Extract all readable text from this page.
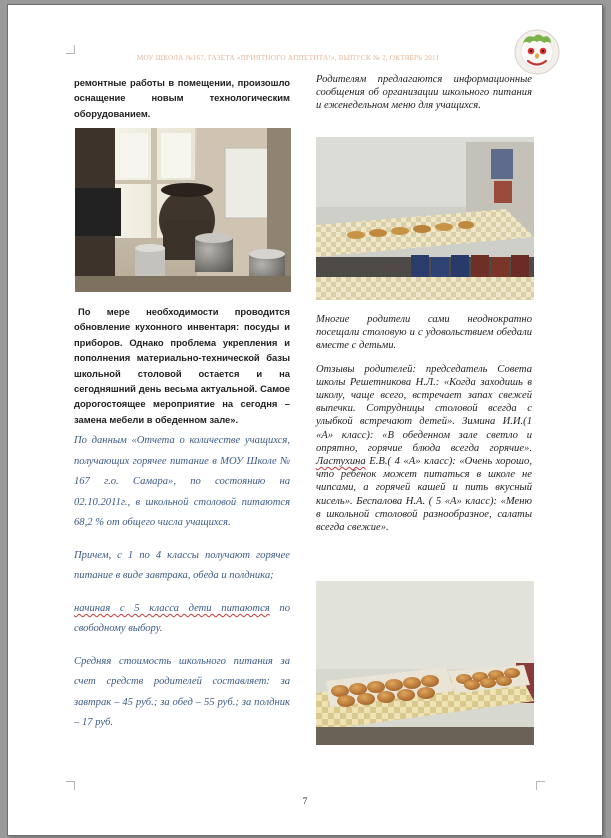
МОУ ШКОЛА №167, ГАЗЕТА «ПРИЯТНОГО АППЕТИТА!», ВЫПУСК № 2, ОКТЯБРЬ 2011

ремонтные работы в помещении, произошло оснащение новым технологическим оборудованием.

По мере необходимости проводится обновление кухонного инвентаря: посуды и приборов. Однако проблема укрепления и пополнения материально-технической базы школьной столовой остается и на сегодняшний день весьма актуальной. Самое дорогостоящее мероприятие на сегодня – замена мебели в обеденном зале».

По данным «Отчета о количестве учащихся, получающих горячее питание в МОУ Школе № 167 г.о. Самара», по состоянию на 02.10.2011г., в школьной столовой питаются 68,2 % от общего числа учащихся.

Причем, с 1 по 4 классы получают горячее питание в виде завтрака, обеда и полдника;

начиная с 5 класса дети питаются по свободному выбору.

Средняя стоимость школьного питания за счет средств родителей составляет: за завтрак – 45 руб.; за обед – 55 руб.; за полдник – 17 руб.

Родителям предлагаются информационные сообщения об организации школьного питания и еженедельном меню для учащихся.

Многие родители сами неоднократно посещали столовую и с удовольствием обедали вместе с детьми.

Отзывы родителей: председатель Совета школы Решетникова Н.Л.: «Когда заходишь в школу, чаще всего, встречает запах свежей выпечки. Сотрудницы столовой всегда с улыбкой встречают детей». Зимина И.И.(1 «А» класс): «В обеденном зале светло и опрятно, горячие блюда всегда горячие». Ластухина Е.В.( 4 «А» класс): «Очень хорошо, что ребенок может питаться в школе не чипсами, а горячей кашей и пить вкусный кисель». Беспалова Н.А. ( 5 «А» класс): «Меню в школьной столовой разнообразное, салаты всегда свежие».

7
